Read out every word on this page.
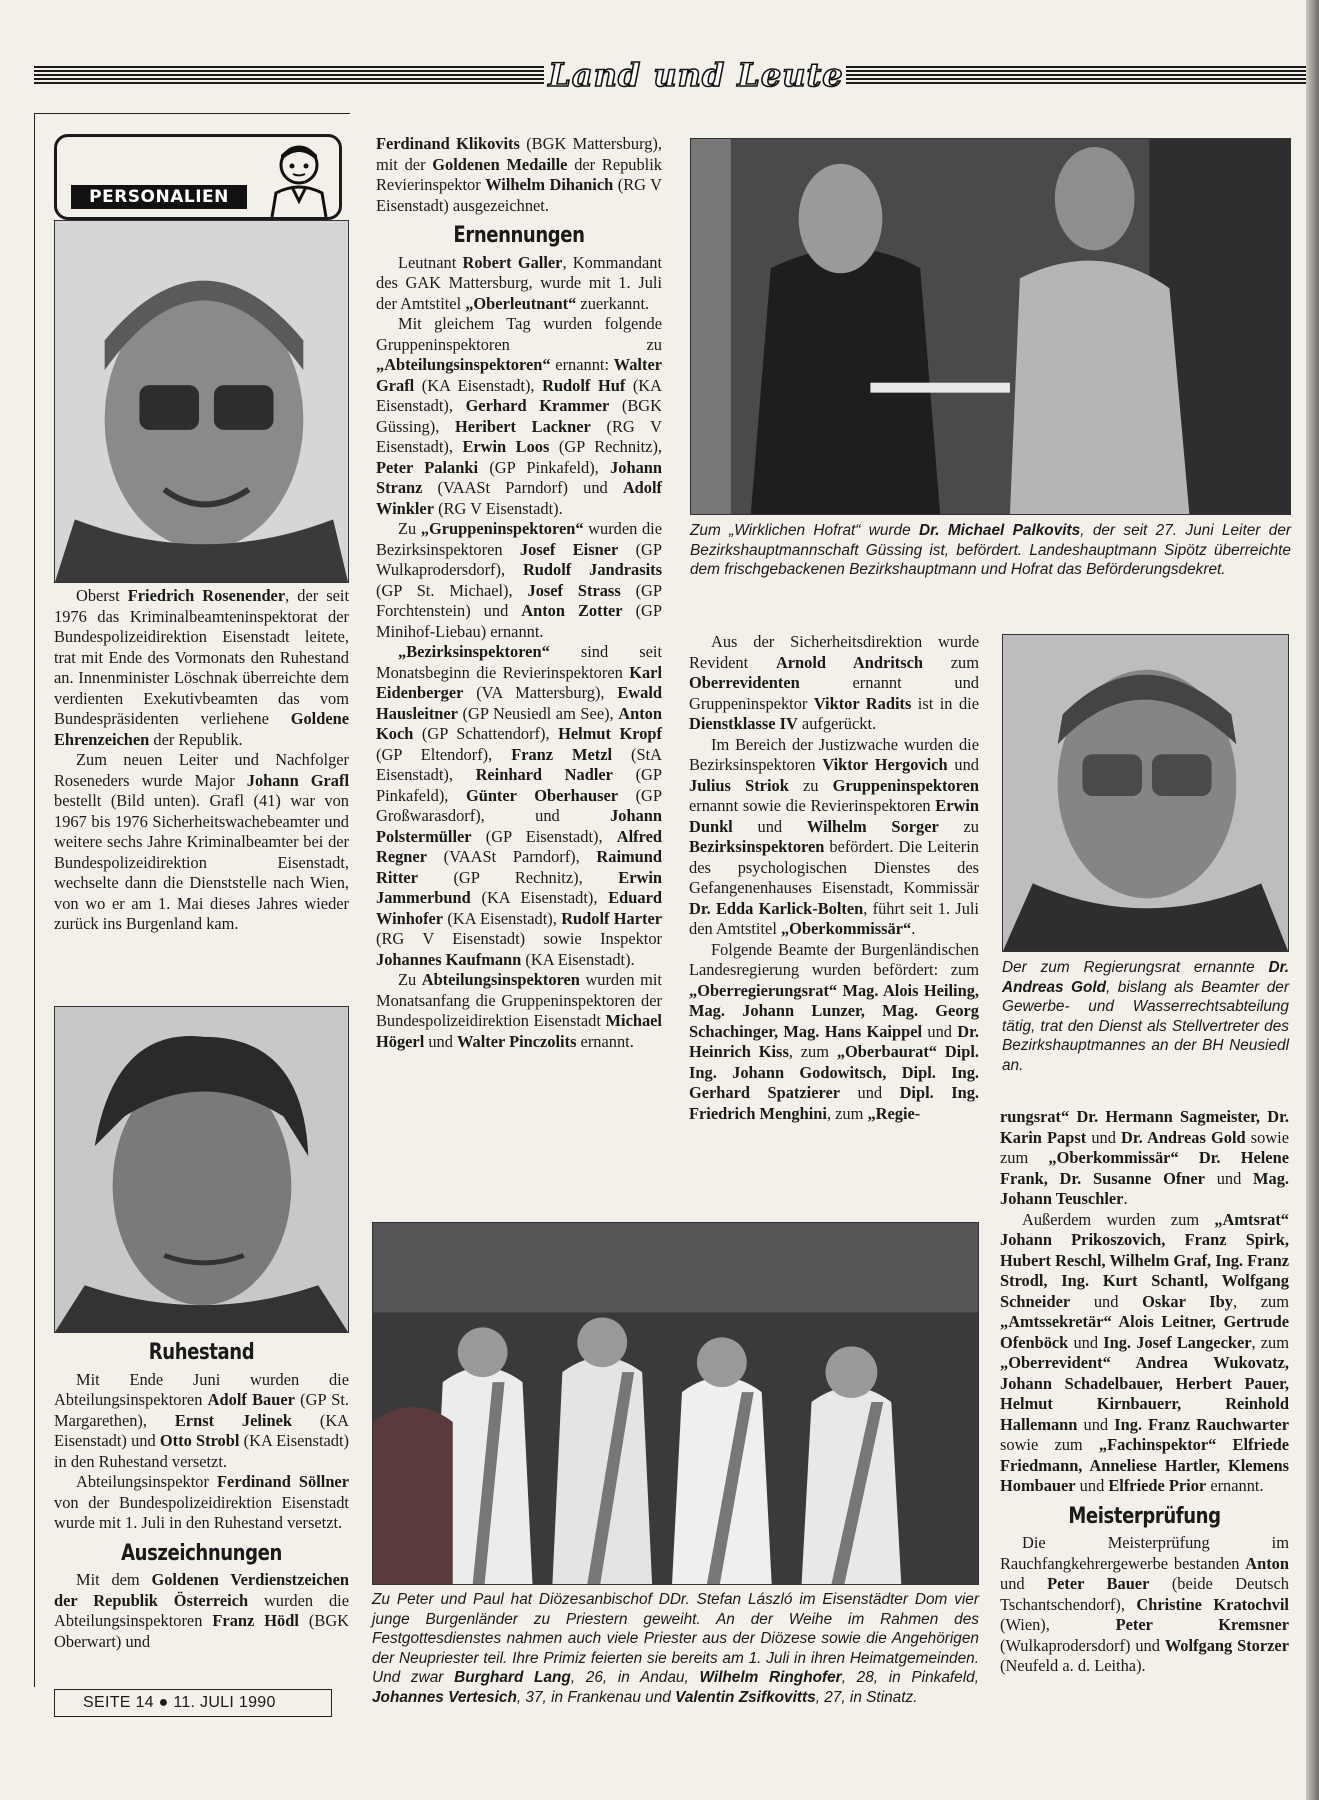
Land und Leute
PERSONALIEN

Oberst Friedrich Rosenender, der seit 1976 das Kriminalbeamteninspektorat der Bundespolizeidirektion Eisenstadt leitete, trat mit Ende des Vormonats den Ruhestand an. Innenminister Löschnak überreichte dem verdienten Exekutivbeamten das vom Bundespräsidenten verliehene Goldene Ehrenzeichen der Republik.

Zum neuen Leiter und Nachfolger Roseneders wurde Major Johann Grafl bestellt (Bild unten). Grafl (41) war von 1967 bis 1976 Sicherheitswachebeamter und weitere sechs Jahre Kriminalbeamter bei der Bundespolizeidirektion Eisenstadt, wechselte dann die Dienststelle nach Wien, von wo er am 1. Mai dieses Jahres wieder zurück ins Burgenland kam.

Ruhestand

Mit Ende Juni wurden die Abteilungsinspektoren Adolf Bauer (GP St. Margarethen), Ernst Jelinek (KA Eisenstadt) und Otto Strobl (KA Eisenstadt) in den Ruhestand versetzt.

Abteilungsinspektor Ferdinand Söllner von der Bundespolizeidirektion Eisenstadt wurde mit 1. Juli in den Ruhestand versetzt.

Auszeichnungen

Mit dem Goldenen Verdienstzeichen der Republik Österreich wurden die Abteilungsinspektoren Franz Hödl (BGK Oberwart) und

Ferdinand Klikovits (BGK Mattersburg), mit der Goldenen Medaille der Republik Revierinspektor Wilhelm Dihanich (RG V Eisenstadt) ausgezeichnet.

Ernennungen

Leutnant Robert Galler, Kommandant des GAK Mattersburg, wurde mit 1. Juli der Amtstitel „Oberleutnant“ zuerkannt.

Mit gleichem Tag wurden folgende Gruppeninspektoren zu „Abteilungsinspektoren“ ernannt: Walter Grafl (KA Eisenstadt), Rudolf Huf (KA Eisenstadt), Gerhard Krammer (BGK Güssing), Heribert Lackner (RG V Eisenstadt), Erwin Loos (GP Rechnitz), Peter Palanki (GP Pinkafeld), Johann Stranz (VAASt Parndorf) und Adolf Winkler (RG V Eisenstadt).

Zu „Gruppeninspektoren“ wurden die Bezirksinspektoren Josef Eisner (GP Wulkaprodersdorf), Rudolf Jandrasits (GP St. Michael), Josef Strass (GP Forchtenstein) und Anton Zotter (GP Minihof-Liebau) ernannt.

„Bezirksinspektoren“ sind seit Monatsbeginn die Revierinspektoren Karl Eidenberger (VA Mattersburg), Ewald Hausleitner (GP Neusiedl am See), Anton Koch (GP Schattendorf), Helmut Kropf (GP Eltendorf), Franz Metzl (StA Eisenstadt), Reinhard Nadler (GP Pinkafeld), Günter Oberhauser (GP Großwarasdorf), und Johann Polstermüller (GP Eisenstadt), Alfred Regner (VAASt Parndorf), Raimund Ritter (GP Rechnitz), Erwin Jammerbund (KA Eisenstadt), Eduard Winhofer (KA Eisenstadt), Rudolf Harter (RG V Eisenstadt) sowie Inspektor Johannes Kaufmann (KA Eisenstadt).

Zu Abteilungsinspektoren wurden mit Monatsanfang die Gruppeninspektoren der Bundespolizeidirektion Eisenstadt Michael Högerl und Walter Pinczolits ernannt.

Zum „Wirklichen Hofrat“ wurde Dr. Michael Palkovits, der seit 27. Juni Leiter der Bezirkshauptmannschaft Güssing ist, befördert. Landeshauptmann Sipötz überreichte dem frischgebackenen Bezirkshauptmann und Hofrat das Beförderungsdekret.

Aus der Sicherheitsdirektion wurde Revident Arnold Andritsch zum Oberrevidenten ernannt und Gruppeninspektor Viktor Radits ist in die Dienstklasse IV aufgerückt.

Im Bereich der Justizwache wurden die Bezirksinspektoren Viktor Hergovich und Julius Striok zu Gruppeninspektoren ernannt sowie die Revierinspektoren Erwin Dunkl und Wilhelm Sorger zu Bezirksinspektoren befördert. Die Leiterin des psychologischen Dienstes des Gefangenenhauses Eisenstadt, Kommissär Dr. Edda Karlick-Bolten, führt seit 1. Juli den Amtstitel „Oberkommissär“.

Folgende Beamte der Burgenländischen Landesregierung wurden befördert: zum „Oberregierungsrat“ Mag. Alois Heiling, Mag. Johann Lunzer, Mag. Georg Schachinger, Mag. Hans Kaippel und Dr. Heinrich Kiss, zum „Oberbaurat“ Dipl. Ing. Johann Godowitsch, Dipl. Ing. Gerhard Spatzierer und Dipl. Ing. Friedrich Menghini, zum „Regie-

Der zum Regierungsrat ernannte Dr. Andreas Gold, bislang als Beamter der Gewerbe- und Wasserrechtsabteilung tätig, trat den Dienst als Stellvertreter des Bezirkshauptmannes an der BH Neusiedl an.

rungsrat“ Dr. Hermann Sagmeister, Dr. Karin Papst und Dr. Andreas Gold sowie zum „Oberkommissär“ Dr. Helene Frank, Dr. Susanne Ofner und Mag. Johann Teuschler.

Außerdem wurden zum „Amtsrat“ Johann Prikoszovich, Franz Spirk, Hubert Reschl, Wilhelm Graf, Ing. Franz Strodl, Ing. Kurt Schantl, Wolfgang Schneider und Oskar Iby, zum „Amtssekretär“ Alois Leitner, Gertrude Ofenböck und Ing. Josef Langecker, zum „Oberrevident“ Andrea Wukovatz, Johann Schadelbauer, Herbert Pauer, Helmut Kirnbauerr, Reinhold Hallemann und Ing. Franz Rauchwarter sowie zum „Fachinspektor“ Elfriede Friedmann, Anneliese Hartler, Klemens Hombauer und Elfriede Prior ernannt.

Meisterprüfung

Die Meisterprüfung im Rauchfangkehrergewerbe bestanden Anton und Peter Bauer (beide Deutsch Tschantschendorf), Christine Kratochvil (Wien), Peter Kremsner (Wulkaprodersdorf) und Wolfgang Storzer (Neufeld a. d. Leitha).

Zu Peter und Paul hat Diözesanbischof DDr. Stefan László im Eisenstädter Dom vier junge Burgenländer zu Priestern geweiht. An der Weihe im Rahmen des Festgottesdienstes nahmen auch viele Priester aus der Diözese sowie die Angehörigen der Neupriester teil. Ihre Primiz feierten sie bereits am 1. Juli in ihren Heimatgemeinden. Und zwar Burghard Lang, 26, in Andau, Wilhelm Ringhofer, 28, in Pinkafeld, Johannes Vertesich, 37, in Frankenau und Valentin Zsifkovitts, 27, in Stinatz.
SEITE 14 ● 11. JULI 1990
